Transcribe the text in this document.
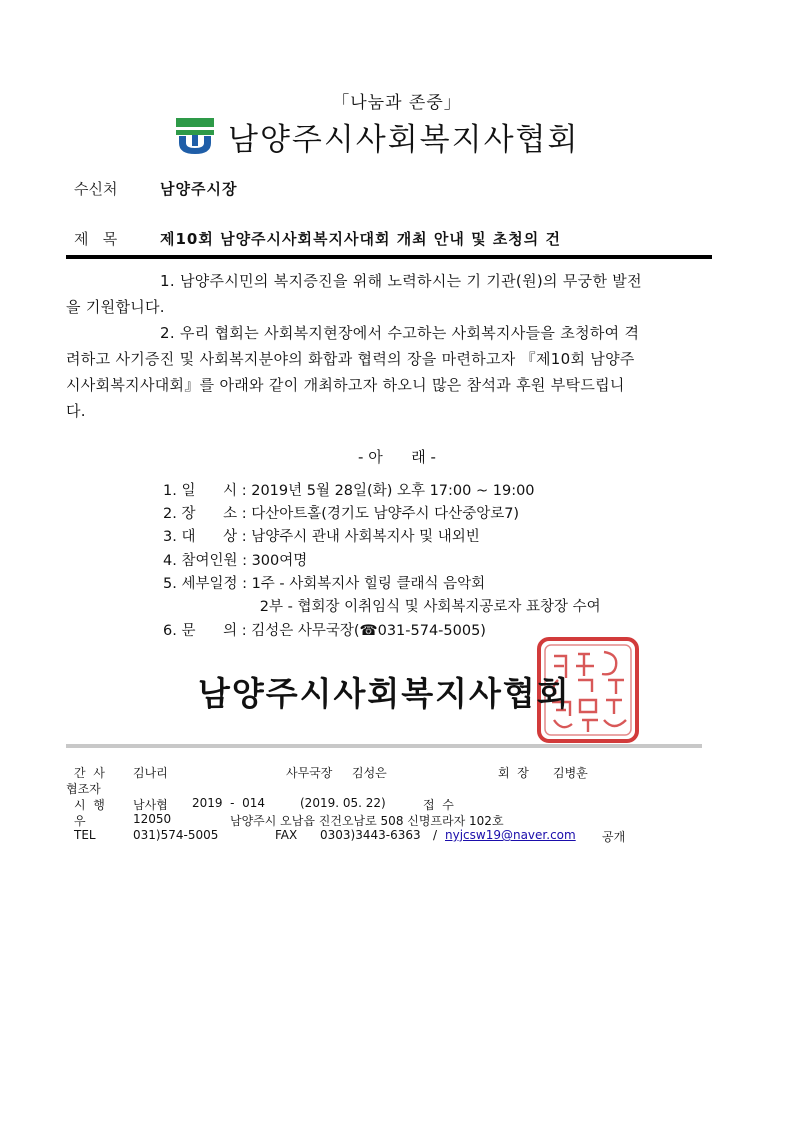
「나눔과 존중」
남양주시사회복지사협회
수신처	남양주시장
제   목	제10회 남양주시사회복지사대회 개최 안내 및 초청의 건
1. 남양주시민의 복지증진을 위해 노력하시는 기 기관(원)의 무궁한 발전
을 기원합니다.
2. 우리 협회는 사회복지현장에서 수고하는 사회복지사들을 초청하여 격
려하고 사기증진 및 사회복지분야의 화합과 협력의 장을 마련하고자 『제10회 남양주
시사회복지사대회』를 아래와 같이 개최하고자 하오니 많은 참석과 후원 부탁드립니
다.
- 아      래 -
1. 일      시 : 2019년 5월 28일(화) 오후 17:00 ~ 19:00
2. 장      소 : 다산아트홀(경기도 남양주시 다산중앙로7)
3. 대      상 : 남양주시 관내 사회복지사 및 내외빈
4. 참여인원 : 300여명
5. 세부일정 : 1주 - 사회복지사 힐링 클래식 음악회
2부 - 협회장 이취임식 및 사회복지공로자 표창장 수여
6. 문      의 : 김성은 사무국장(☎031-574-5005)
남양주시사회복지사협회
간  사 김나리	사무국장 김성은	회  장 김병훈
협조자
시  행 남사협 2019  -  014	(2019. 05. 22)	접  수
우	12050	남양주시 오남읍 진건오남로 508 신명프라자 102호
TEL	031)574-5005	FAX 0303)3443-6363 / nyjcsw19@naver.com 공개
